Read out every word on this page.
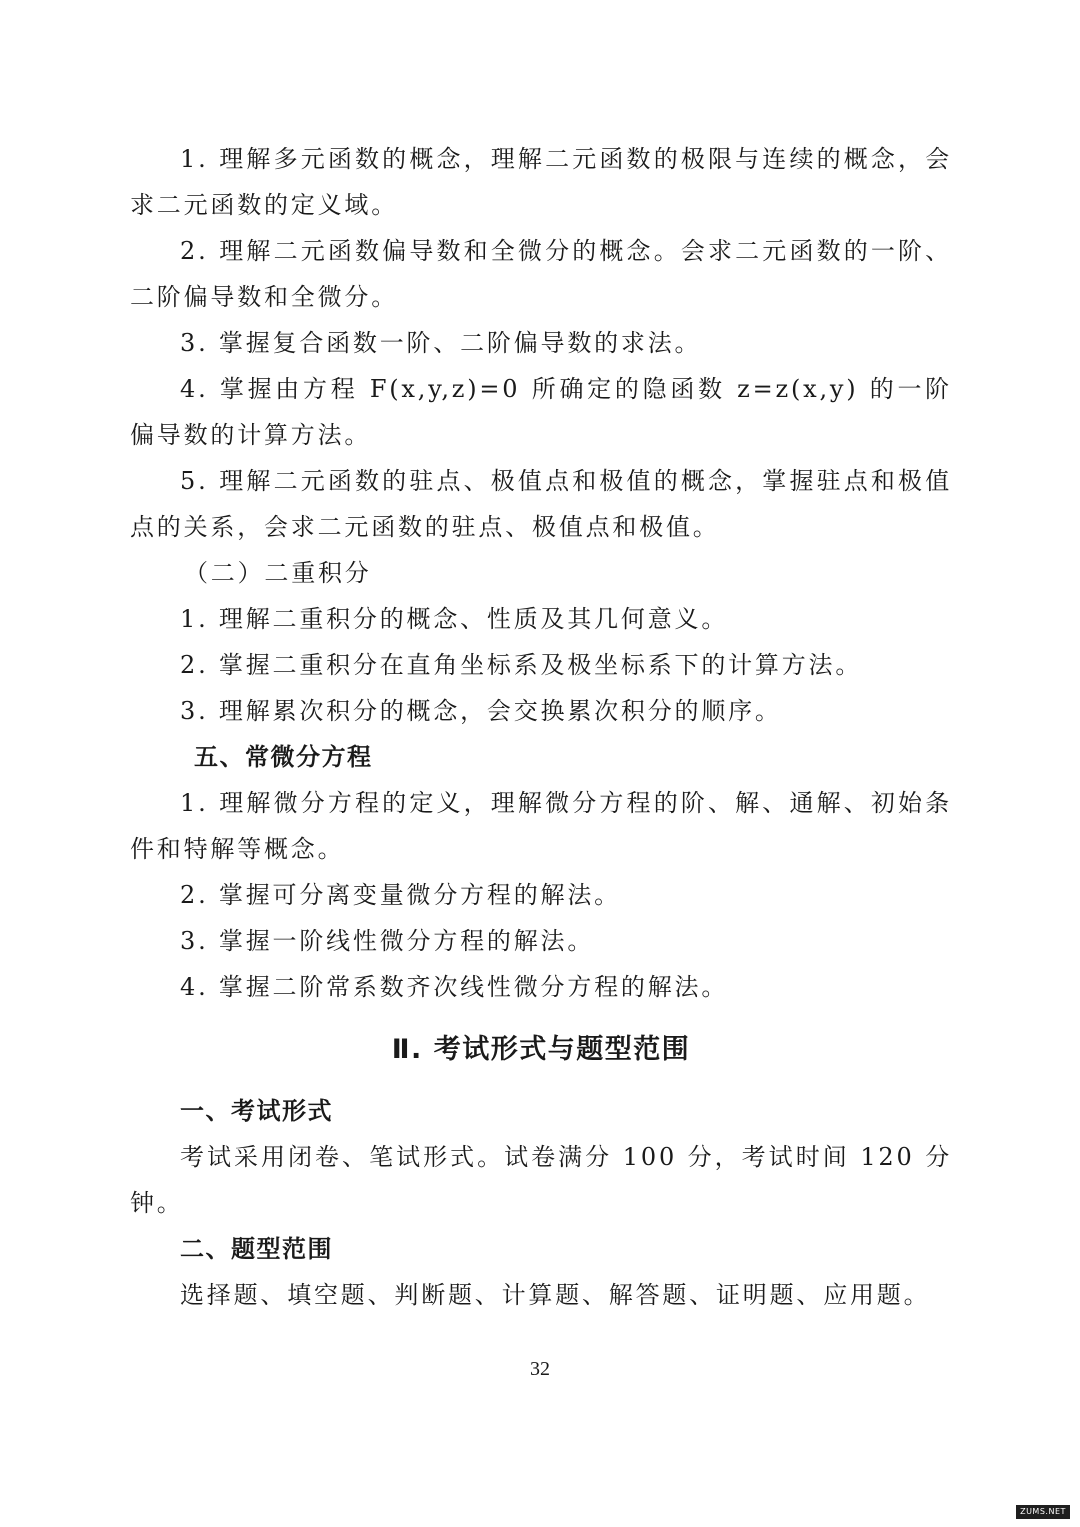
1. 理解多元函数的概念，理解二元函数的极限与连续的概念，会求二元函数的定义域。

2. 理解二元函数偏导数和全微分的概念。会求二元函数的一阶、二阶偏导数和全微分。

3. 掌握复合函数一阶、二阶偏导数的求法。

4. 掌握由方程 F(x,y,z)=0 所确定的隐函数 z=z(x,y) 的一阶偏导数的计算方法。

5. 理解二元函数的驻点、极值点和极值的概念，掌握驻点和极值点的关系，会求二元函数的驻点、极值点和极值。

（二）二重积分

1. 理解二重积分的概念、性质及其几何意义。

2. 掌握二重积分在直角坐标系及极坐标系下的计算方法。

3. 理解累次积分的概念，会交换累次积分的顺序。

五、常微分方程

1. 理解微分方程的定义，理解微分方程的阶、解、通解、初始条件和特解等概念。

2. 掌握可分离变量微分方程的解法。

3. 掌握一阶线性微分方程的解法。

4. 掌握二阶常系数齐次线性微分方程的解法。

Ⅱ. 考试形式与题型范围

一、考试形式

考试采用闭卷、笔试形式。试卷满分 100 分，考试时间 120 分钟。

二、题型范围

选择题、填空题、判断题、计算题、解答题、证明题、应用题。

32
ZUMS.NET
